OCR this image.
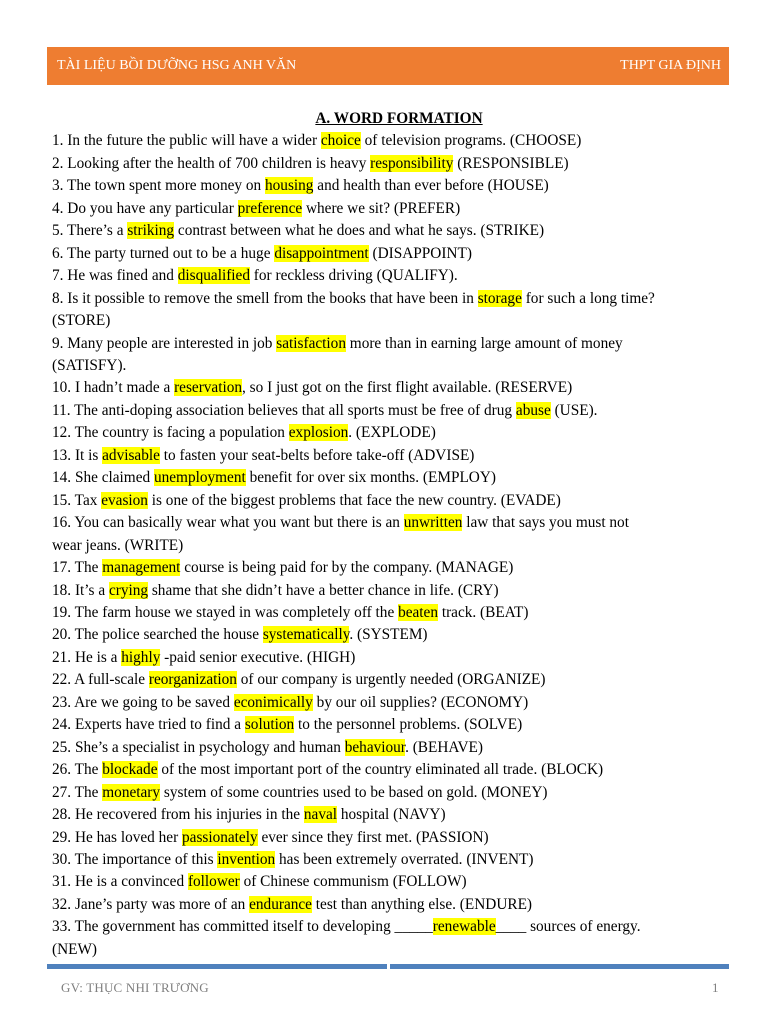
TÀI LIỆU BỒI DƯỠNG HSG ANH VĂN	THPT GIA ĐỊNH
A. WORD FORMATION
1. In the future the public will have a wider choice of television programs. (CHOOSE)
2. Looking after the health of 700 children is heavy responsibility (RESPONSIBLE)
3. The town spent more money on housing and health than ever before (HOUSE)
4. Do you have any particular preference where we sit? (PREFER)
5. There’s a striking contrast between what he does and what he says. (STRIKE)
6. The party turned out to be a huge disappointment (DISAPPOINT)
7. He was fined and disqualified for reckless driving (QUALIFY).
8. Is it possible to remove the smell from the books that have been in storage for such a long time?
(STORE)
9. Many people are interested in job satisfaction more than in earning large amount of money
(SATISFY).
10. I hadn’t made a reservation, so I just got on the first flight available. (RESERVE)
11. The anti-doping association believes that all sports must be free of drug abuse (USE).
12. The country is facing a population explosion. (EXPLODE)
13. It is advisable to fasten your seat-belts before take-off (ADVISE)
14. She claimed unemployment benefit for over six months. (EMPLOY)
15. Tax evasion is one of the biggest problems that face the new country. (EVADE)
16. You can basically wear what you want but there is an unwritten law that says you must not
wear jeans. (WRITE)
17. The management course is being paid for by the company. (MANAGE)
18. It’s a crying shame that she didn’t have a better chance in life. (CRY)
19. The farm house we stayed in was completely off the beaten track. (BEAT)
20. The police searched the house systematically. (SYSTEM)
21. He is a highly -paid senior executive. (HIGH)
22. A full-scale reorganization of our company is urgently needed (ORGANIZE)
23. Are we going to be saved econimically by our oil supplies? (ECONOMY)
24. Experts have tried to find a solution to the personnel problems. (SOLVE)
25. She’s a specialist in psychology and human behaviour. (BEHAVE)
26. The blockade of the most important port of the country eliminated all trade. (BLOCK)
27. The monetary system of some countries used to be based on gold. (MONEY)
28. He recovered from his injuries in the naval hospital (NAVY)
29. He has loved her passionately ever since they first met. (PASSION)
30. The importance of this invention has been extremely overrated. (INVENT)
31. He is a convinced follower of Chinese communism (FOLLOW)
32. Jane’s party was more of an endurance test than anything else. (ENDURE)
33. The government has committed itself to developing _____renewable____ sources of energy.
(NEW)
GV: THỤC NHI TRƯƠNG	1
